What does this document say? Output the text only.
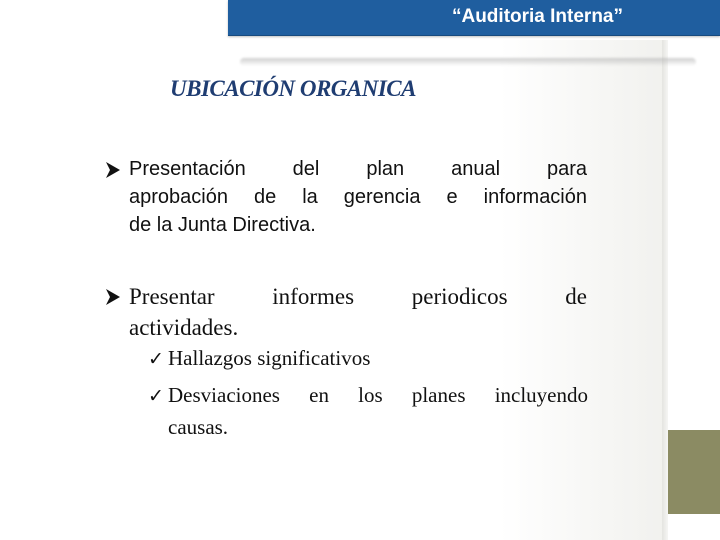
“Auditoria Interna”
UBICACIÓN ORGANICA
Presentación del plan anual para
aprobación de la gerencia e información
de la Junta Directiva.
Presentar informes periodicos de
actividades.
✓ Hallazgos significativos
✓ Desviaciones en los planes incluyendo
causas.
